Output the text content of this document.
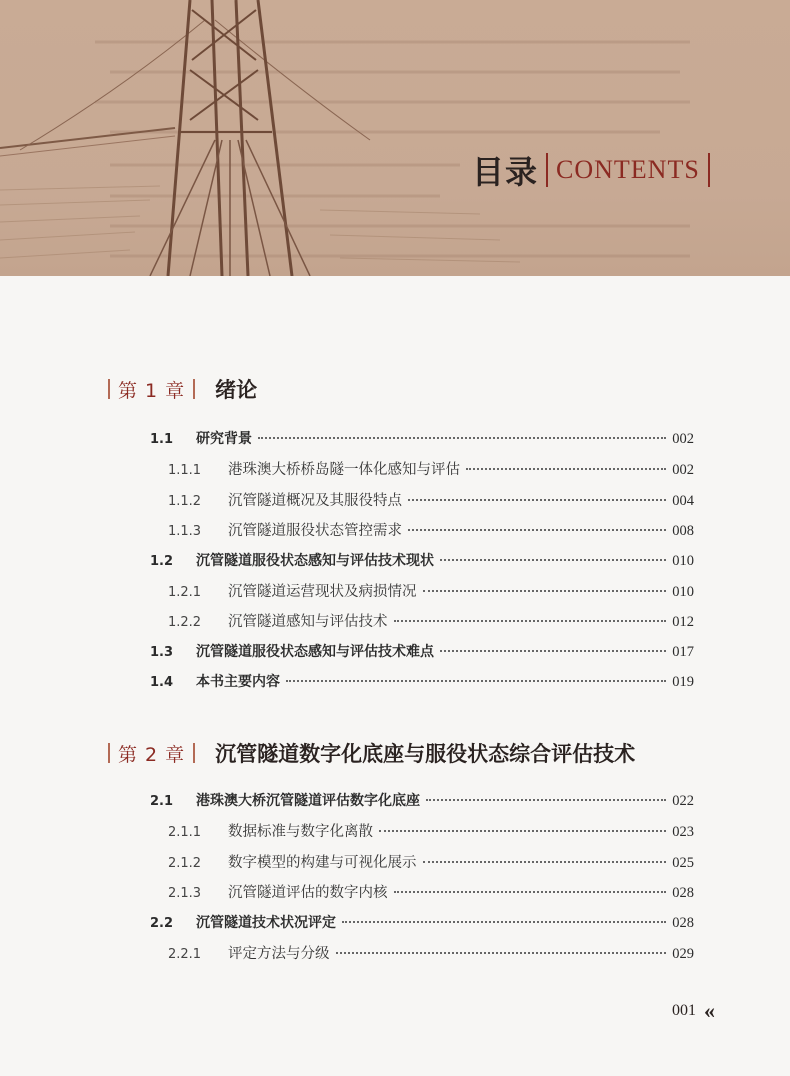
目录 CONTENTS
第 1 章 绪论
1.1	研究背景	002
1.1.1	港珠澳大桥桥岛隧一体化感知与评估	002
1.1.2	沉管隧道概况及其服役特点	004
1.1.3	沉管隧道服役状态管控需求	008
1.2	沉管隧道服役状态感知与评估技术现状	010
1.2.1	沉管隧道运营现状及病损情况	010
1.2.2	沉管隧道感知与评估技术	012
1.3	沉管隧道服役状态感知与评估技术难点	017
1.4	本书主要内容	019
第 2 章 沉管隧道数字化底座与服役状态综合评估技术
2.1	港珠澳大桥沉管隧道评估数字化底座	022
2.1.1	数据标准与数字化离散	023
2.1.2	数字模型的构建与可视化展示	025
2.1.3	沉管隧道评估的数字内核	028
2.2	沉管隧道技术状况评定	028
2.2.1	评定方法与分级	029
001 «
